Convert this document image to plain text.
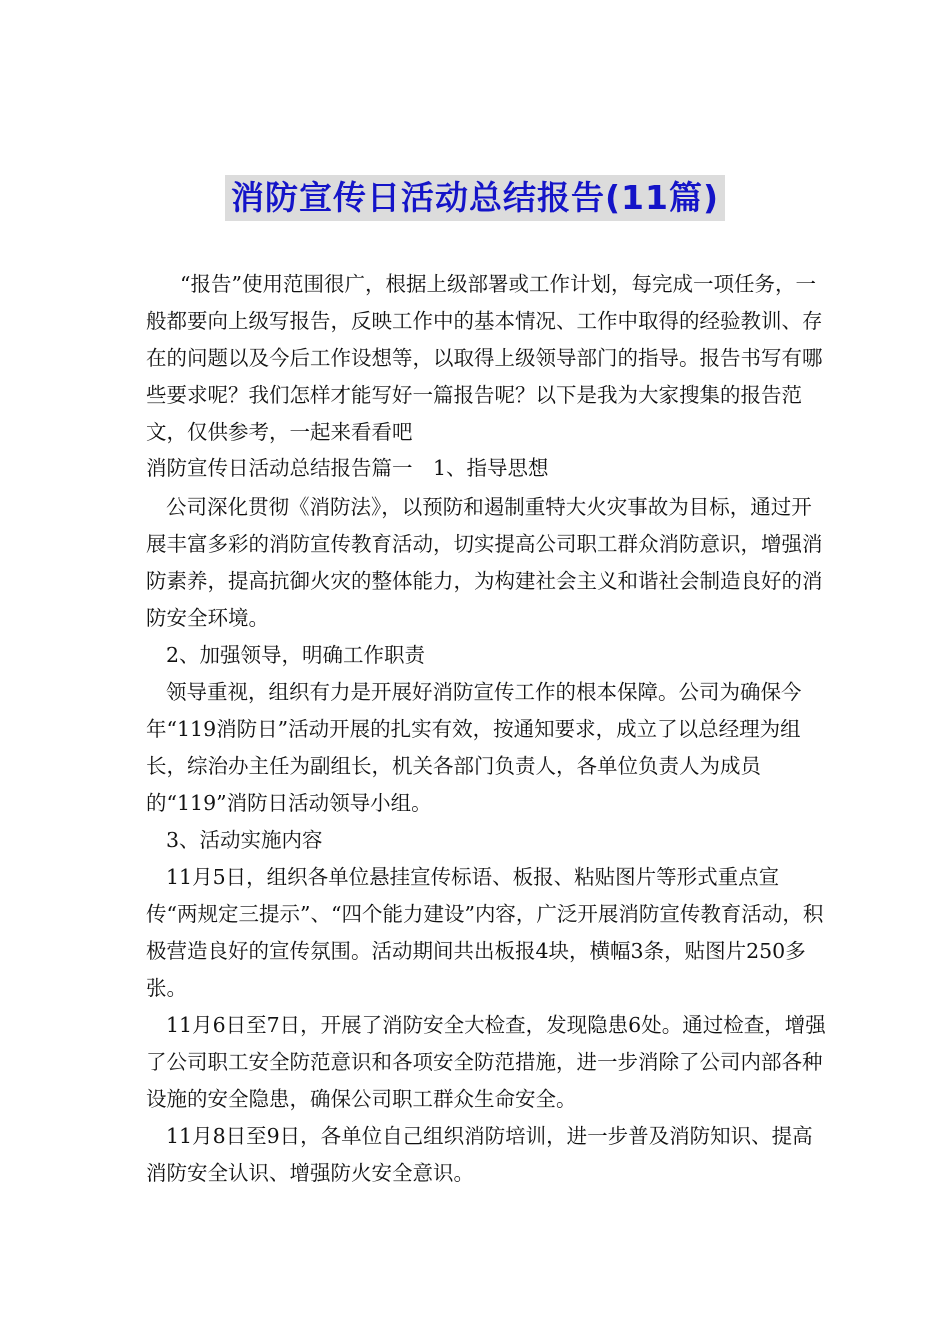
消防宣传日活动总结报告(11篇)

“报告”使用范围很广，根据上级部署或工作计划，每完成一项任务，一般都要向上级写报告，反映工作中的基本情况、工作中取得的经验教训、存在的问题以及今后工作设想等，以取得上级领导部门的指导。报告书写有哪些要求呢？我们怎样才能写好一篇报告呢？以下是我为大家搜集的报告范文，仅供参考，一起来看看吧

消防宣传日活动总结报告篇一　1、指导思想

公司深化贯彻《消防法》，以预防和遏制重特大火灾事故为目标，通过开展丰富多彩的消防宣传教育活动，切实提高公司职工群众消防意识，增强消防素养，提高抗御火灾的整体能力，为构建社会主义和谐社会制造良好的消防安全环境。

2、加强领导，明确工作职责

领导重视，组织有力是开展好消防宣传工作的根本保障。公司为确保今年“119消防日”活动开展的扎实有效，按通知要求，成立了以总经理为组长，综治办主任为副组长，机关各部门负责人，各单位负责人为成员的“119”消防日活动领导小组。

3、活动实施内容

11月5日，组织各单位悬挂宣传标语、板报、粘贴图片等形式重点宣传“两规定三提示”、“四个能力建设”内容，广泛开展消防宣传教育活动，积极营造良好的宣传氛围。活动期间共出板报4块，横幅3条，贴图片250多张。

11月6日至7日，开展了消防安全大检查，发现隐患6处。通过检查，增强了公司职工安全防范意识和各项安全防范措施，进一步消除了公司内部各种设施的安全隐患，确保公司职工群众生命安全。

11月8日至9日，各单位自己组织消防培训，进一步普及消防知识、提高消防安全认识、增强防火安全意识。
